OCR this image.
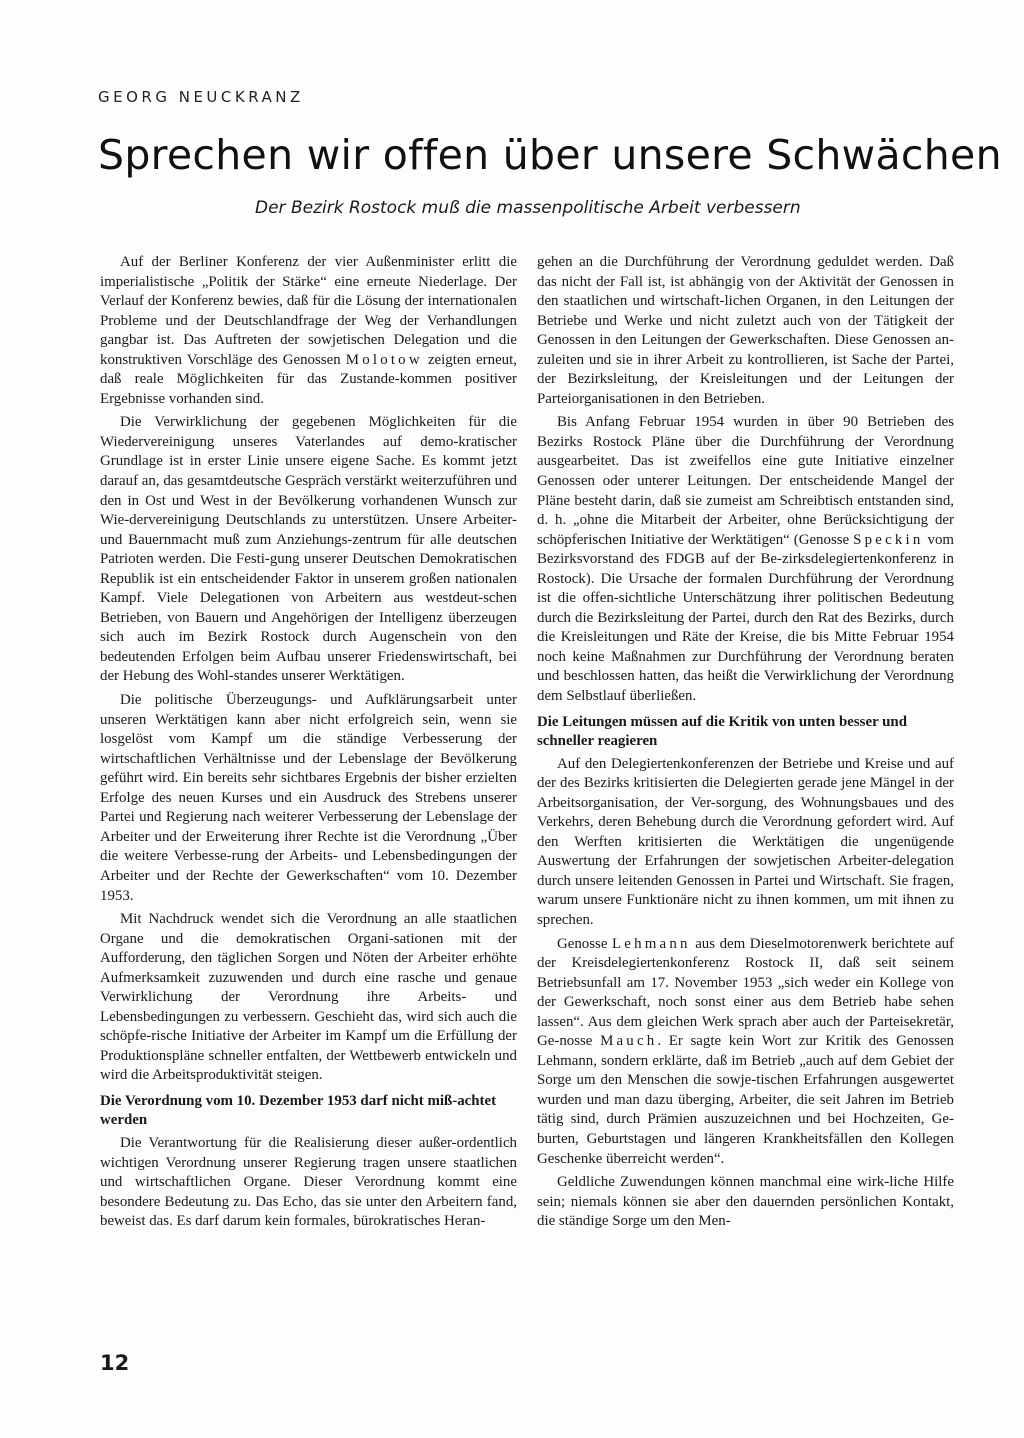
GEORG NEUCKRANZ
Sprechen wir offen über unsere Schwächen
Der Bezirk Rostock muß die massenpolitische Arbeit verbessern

Auf der Berliner Konferenz der vier Außenminister erlitt die imperialistische „Politik der Stärke“ eine erneute Niederlage. Der Verlauf der Konferenz bewies, daß für die Lösung der internationalen Probleme und der Deutschlandfrage der Weg der Verhandlungen gangbar ist. Das Auftreten der sowjetischen Delegation und die konstruktiven Vorschläge des Genossen Molotow zeigten erneut, daß reale Möglichkeiten für das Zustande-kommen positiver Ergebnisse vorhanden sind.

Die Verwirklichung der gegebenen Möglichkeiten für die Wiedervereinigung unseres Vaterlandes auf demo-kratischer Grundlage ist in erster Linie unsere eigene Sache. Es kommt jetzt darauf an, das gesamtdeutsche Gespräch verstärkt weiterzuführen und den in Ost und West in der Bevölkerung vorhandenen Wunsch zur Wie-dervereinigung Deutschlands zu unterstützen. Unsere Arbeiter- und Bauernmacht muß zum Anziehungs-zentrum für alle deutschen Patrioten werden. Die Festi-gung unserer Deutschen Demokratischen Republik ist ein entscheidender Faktor in unserem großen nationalen Kampf. Viele Delegationen von Arbeitern aus westdeut-schen Betrieben, von Bauern und Angehörigen der Intelligenz überzeugen sich auch im Bezirk Rostock durch Augenschein von den bedeutenden Erfolgen beim Aufbau unserer Friedenswirtschaft, bei der Hebung des Wohl-standes unserer Werktätigen.

Die politische Überzeugungs- und Aufklärungsarbeit unter unseren Werktätigen kann aber nicht erfolgreich sein, wenn sie losgelöst vom Kampf um die ständige Verbesserung der wirtschaftlichen Verhältnisse und der Lebenslage der Bevölkerung geführt wird. Ein bereits sehr sichtbares Ergebnis der bisher erzielten Erfolge des neuen Kurses und ein Ausdruck des Strebens unserer Partei und Regierung nach weiterer Verbesserung der Lebenslage der Arbeiter und der Erweiterung ihrer Rechte ist die Verordnung „Über die weitere Verbesse-rung der Arbeits- und Lebensbedingungen der Arbeiter und der Rechte der Gewerkschaften“ vom 10. Dezember 1953.

Mit Nachdruck wendet sich die Verordnung an alle staatlichen Organe und die demokratischen Organi-sationen mit der Aufforderung, den täglichen Sorgen und Nöten der Arbeiter erhöhte Aufmerksamkeit zuzuwenden und durch eine rasche und genaue Verwirklichung der Verordnung ihre Arbeits- und Lebensbedingungen zu verbessern. Geschieht das, wird sich auch die schöpfe-rische Initiative der Arbeiter im Kampf um die Erfüllung der Produktionspläne schneller entfalten, der Wettbewerb entwickeln und wird die Arbeitsproduktivität steigen.

Die Verordnung vom 10. Dezember 1953 darf nicht miß-achtet werden

Die Verantwortung für die Realisierung dieser außer-ordentlich wichtigen Verordnung unserer Regierung tragen unsere staatlichen und wirtschaftlichen Organe. Dieser Verordnung kommt eine besondere Bedeutung zu. Das Echo, das sie unter den Arbeitern fand, beweist das. Es darf darum kein formales, bürokratisches Heran-

gehen an die Durchführung der Verordnung geduldet werden. Daß das nicht der Fall ist, ist abhängig von der Aktivität der Genossen in den staatlichen und wirtschaft-lichen Organen, in den Leitungen der Betriebe und Werke und nicht zuletzt auch von der Tätigkeit der Genossen in den Leitungen der Gewerkschaften. Diese Genossen an-zuleiten und sie in ihrer Arbeit zu kontrollieren, ist Sache der Partei, der Bezirksleitung, der Kreisleitungen und der Leitungen der Parteiorganisationen in den Betrieben.

Bis Anfang Februar 1954 wurden in über 90 Betrieben des Bezirks Rostock Pläne über die Durchführung der Verordnung ausgearbeitet. Das ist zweifellos eine gute Initiative einzelner Genossen oder unterer Leitungen. Der entscheidende Mangel der Pläne besteht darin, daß sie zumeist am Schreibtisch entstanden sind, d. h. „ohne die Mitarbeit der Arbeiter, ohne Berücksichtigung der schöpferischen Initiative der Werktätigen“ (Genosse Speckin vom Bezirksvorstand des FDGB auf der Be-zirksdelegiertenkonferenz in Rostock). Die Ursache der formalen Durchführung der Verordnung ist die offen-sichtliche Unterschätzung ihrer politischen Bedeutung durch die Bezirksleitung der Partei, durch den Rat des Bezirks, durch die Kreisleitungen und Räte der Kreise, die bis Mitte Februar 1954 noch keine Maßnahmen zur Durchführung der Verordnung beraten und beschlossen hatten, das heißt die Verwirklichung der Verordnung dem Selbstlauf überließen.

Die Leitungen müssen auf die Kritik von unten besser und schneller reagieren

Auf den Delegiertenkonferenzen der Betriebe und Kreise und auf der des Bezirks kritisierten die Delegierten gerade jene Mängel in der Arbeitsorganisation, der Ver-sorgung, des Wohnungsbaues und des Verkehrs, deren Behebung durch die Verordnung gefordert wird. Auf den Werften kritisierten die Werktätigen die ungenügende Auswertung der Erfahrungen der sowjetischen Arbeiter-delegation durch unsere leitenden Genossen in Partei und Wirtschaft. Sie fragen, warum unsere Funktionäre nicht zu ihnen kommen, um mit ihnen zu sprechen.

Genosse Lehmann aus dem Dieselmotorenwerk berichtete auf der Kreisdelegiertenkonferenz Rostock II, daß seit seinem Betriebsunfall am 17. November 1953 „sich weder ein Kollege von der Gewerkschaft, noch sonst einer aus dem Betrieb habe sehen lassen“. Aus dem gleichen Werk sprach aber auch der Parteisekretär, Ge-nosse Mauch. Er sagte kein Wort zur Kritik des Genossen Lehmann, sondern erklärte, daß im Betrieb „auch auf dem Gebiet der Sorge um den Menschen die sowje-tischen Erfahrungen ausgewertet wurden und man dazu überging, Arbeiter, die seit Jahren im Betrieb tätig sind, durch Prämien auszuzeichnen und bei Hochzeiten, Ge-burten, Geburtstagen und längeren Krankheitsfällen den Kollegen Geschenke überreicht werden“.

Geldliche Zuwendungen können manchmal eine wirk-liche Hilfe sein; niemals können sie aber den dauernden persönlichen Kontakt, die ständige Sorge um den Men-

12
